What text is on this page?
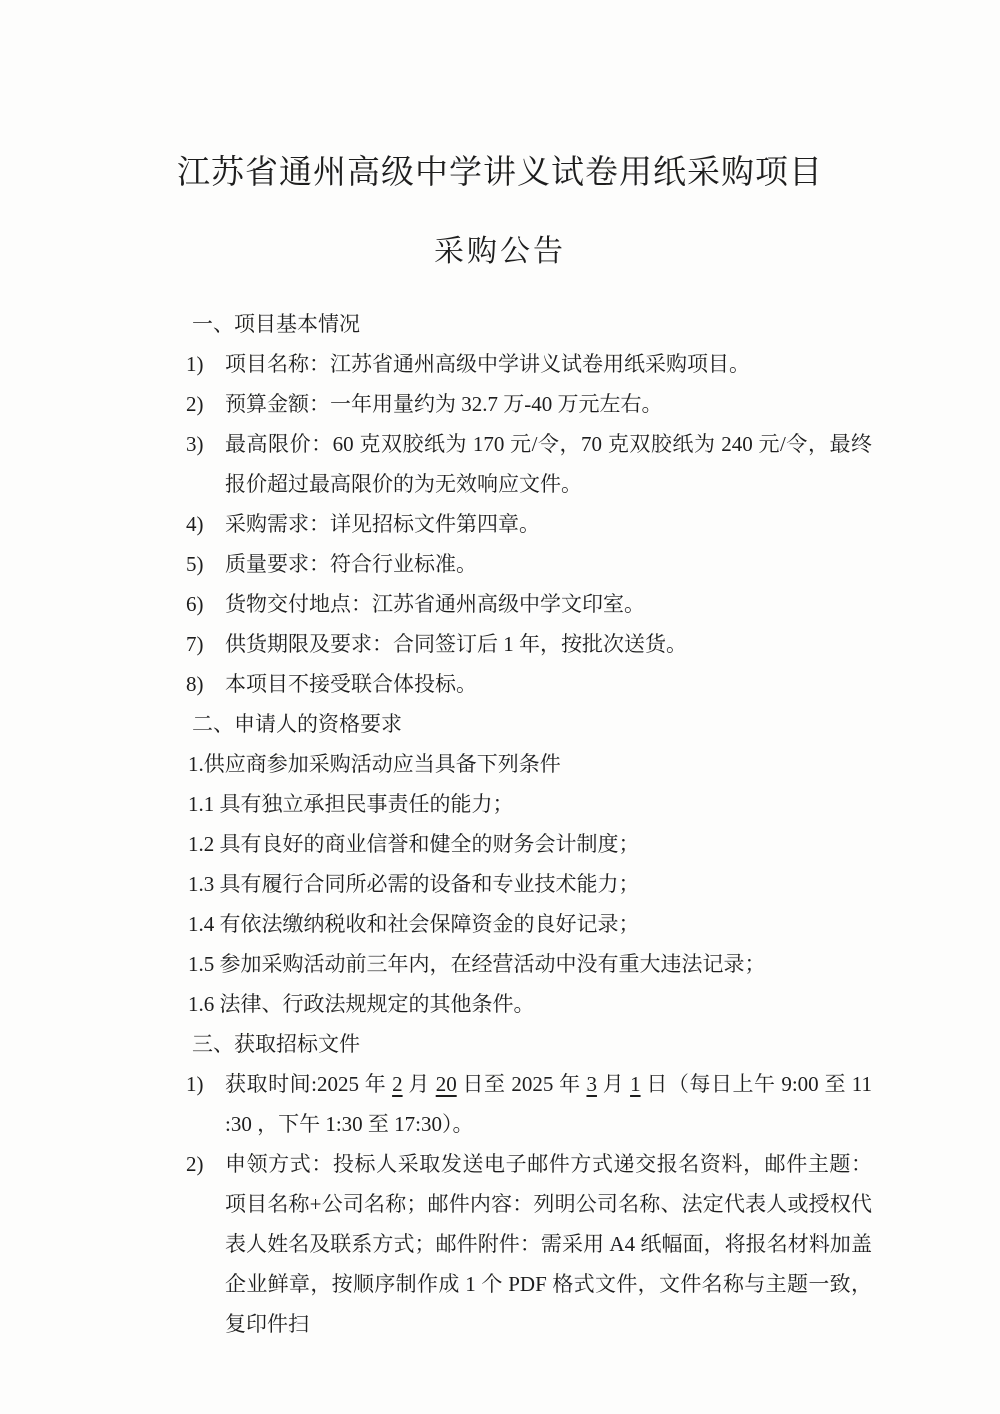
江苏省通州高级中学讲义试卷用纸采购项目
采购公告
一、项目基本情况
1) 项目名称：江苏省通州高级中学讲义试卷用纸采购项目。
2) 预算金额：一年用量约为 32.7 万-40 万元左右。
3) 最高限价：60 克双胶纸为 170 元/令，70 克双胶纸为 240 元/令，最终报价超过最高限价的为无效响应文件。
4) 采购需求：详见招标文件第四章。
5) 质量要求：符合行业标准。
6) 货物交付地点：江苏省通州高级中学文印室。
7) 供货期限及要求：合同签订后 1 年，按批次送货。
8) 本项目不接受联合体投标。
二、申请人的资格要求
1.供应商参加采购活动应当具备下列条件
1.1 具有独立承担民事责任的能力；
1.2 具有良好的商业信誉和健全的财务会计制度；
1.3 具有履行合同所必需的设备和专业技术能力；
1.4 有依法缴纳税收和社会保障资金的良好记录；
1.5 参加采购活动前三年内，在经营活动中没有重大违法记录；
1.6 法律、行政法规规定的其他条件。
三、获取招标文件
1) 获取时间:2025 年 2 月 20 日至 2025 年 3 月 1 日（每日上午 9:00 至 11 :30 ，下午 1:30 至 17:30）。
2) 申领方式：投标人采取发送电子邮件方式递交报名资料，邮件主题：项目名称+公司名称；邮件内容：列明公司名称、法定代表人或授权代表人姓名及联系方式；邮件附件：需采用 A4 纸幅面，将报名材料加盖企业鲜章，按顺序制作成 1 个 PDF 格式文件，文件名称与主题一致，复印件扫
